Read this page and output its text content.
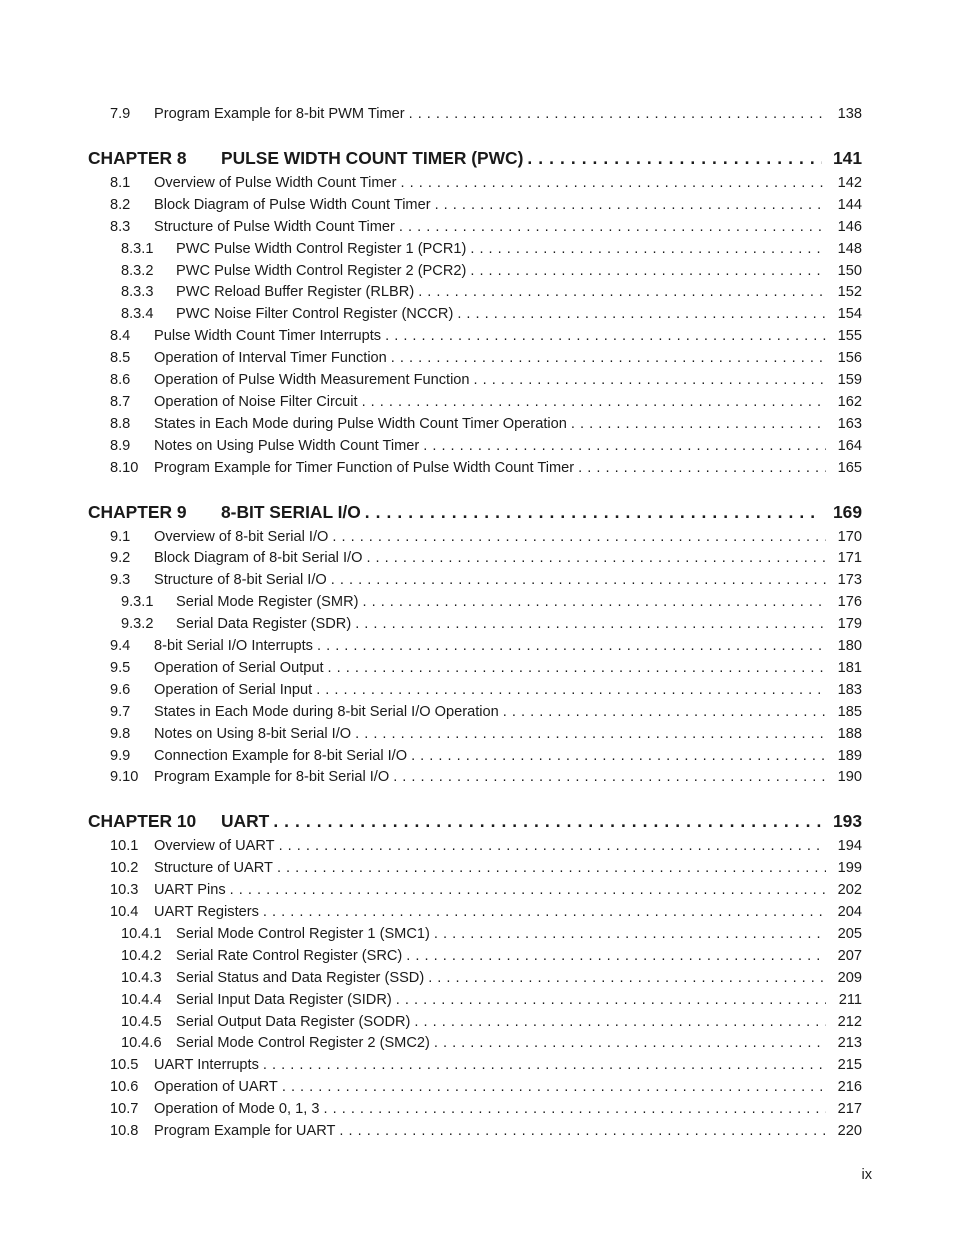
7.9 Program Example for 8-bit PWM Timer . . .	138
CHAPTER 8 PULSE WIDTH COUNT TIMER (PWC) . . .	141
8.1 Overview of Pulse Width Count Timer . . .	142
8.2 Block Diagram of Pulse Width Count Timer . . .	144
8.3 Structure of Pulse Width Count Timer . . .	146
8.3.1 PWC Pulse Width Control Register 1 (PCR1) . . .	148
8.3.2 PWC Pulse Width Control Register 2 (PCR2) . . .	150
8.3.3 PWC Reload Buffer Register (RLBR) . . .	152
8.3.4 PWC Noise Filter Control Register (NCCR) . . .	154
8.4 Pulse Width Count Timer Interrupts . . .	155
8.5 Operation of Interval Timer Function . . .	156
8.6 Operation of Pulse Width Measurement Function . . .	159
8.7 Operation of Noise Filter Circuit . . .	162
8.8 States in Each Mode during Pulse Width Count Timer Operation . . .	163
8.9 Notes on Using Pulse Width Count Timer . . .	164
8.10 Program Example for Timer Function of Pulse Width Count Timer . . .	165
CHAPTER 9 8-BIT SERIAL I/O . . .	169
9.1 Overview of 8-bit Serial I/O . . .	170
9.2 Block Diagram of 8-bit Serial I/O . . .	171
9.3 Structure of 8-bit Serial I/O . . .	173
9.3.1 Serial Mode Register (SMR) . . .	176
9.3.2 Serial Data Register (SDR) . . .	179
9.4 8-bit Serial I/O Interrupts . . .	180
9.5 Operation of Serial Output . . .	181
9.6 Operation of Serial Input . . .	183
9.7 States in Each Mode during 8-bit Serial I/O Operation . . .	185
9.8 Notes on Using 8-bit Serial I/O . . .	188
9.9 Connection Example for 8-bit Serial I/O . . .	189
9.10 Program Example for 8-bit Serial I/O . . .	190
CHAPTER 10 UART . . .	193
10.1 Overview of UART . . .	194
10.2 Structure of UART . . .	199
10.3 UART Pins . . .	202
10.4 UART Registers . . .	204
10.4.1 Serial Mode Control Register 1 (SMC1) . . .	205
10.4.2 Serial Rate Control Register (SRC) . . .	207
10.4.3 Serial Status and Data Register (SSD) . . .	209
10.4.4 Serial Input Data Register (SIDR) . . .	211
10.4.5 Serial Output Data Register (SODR) . . .	212
10.4.6 Serial Mode Control Register 2 (SMC2) . . .	213
10.5 UART Interrupts . . .	215
10.6 Operation of UART . . .	216
10.7 Operation of Mode 0, 1, 3 . . .	217
10.8 Program Example for UART . . .	220
ix
